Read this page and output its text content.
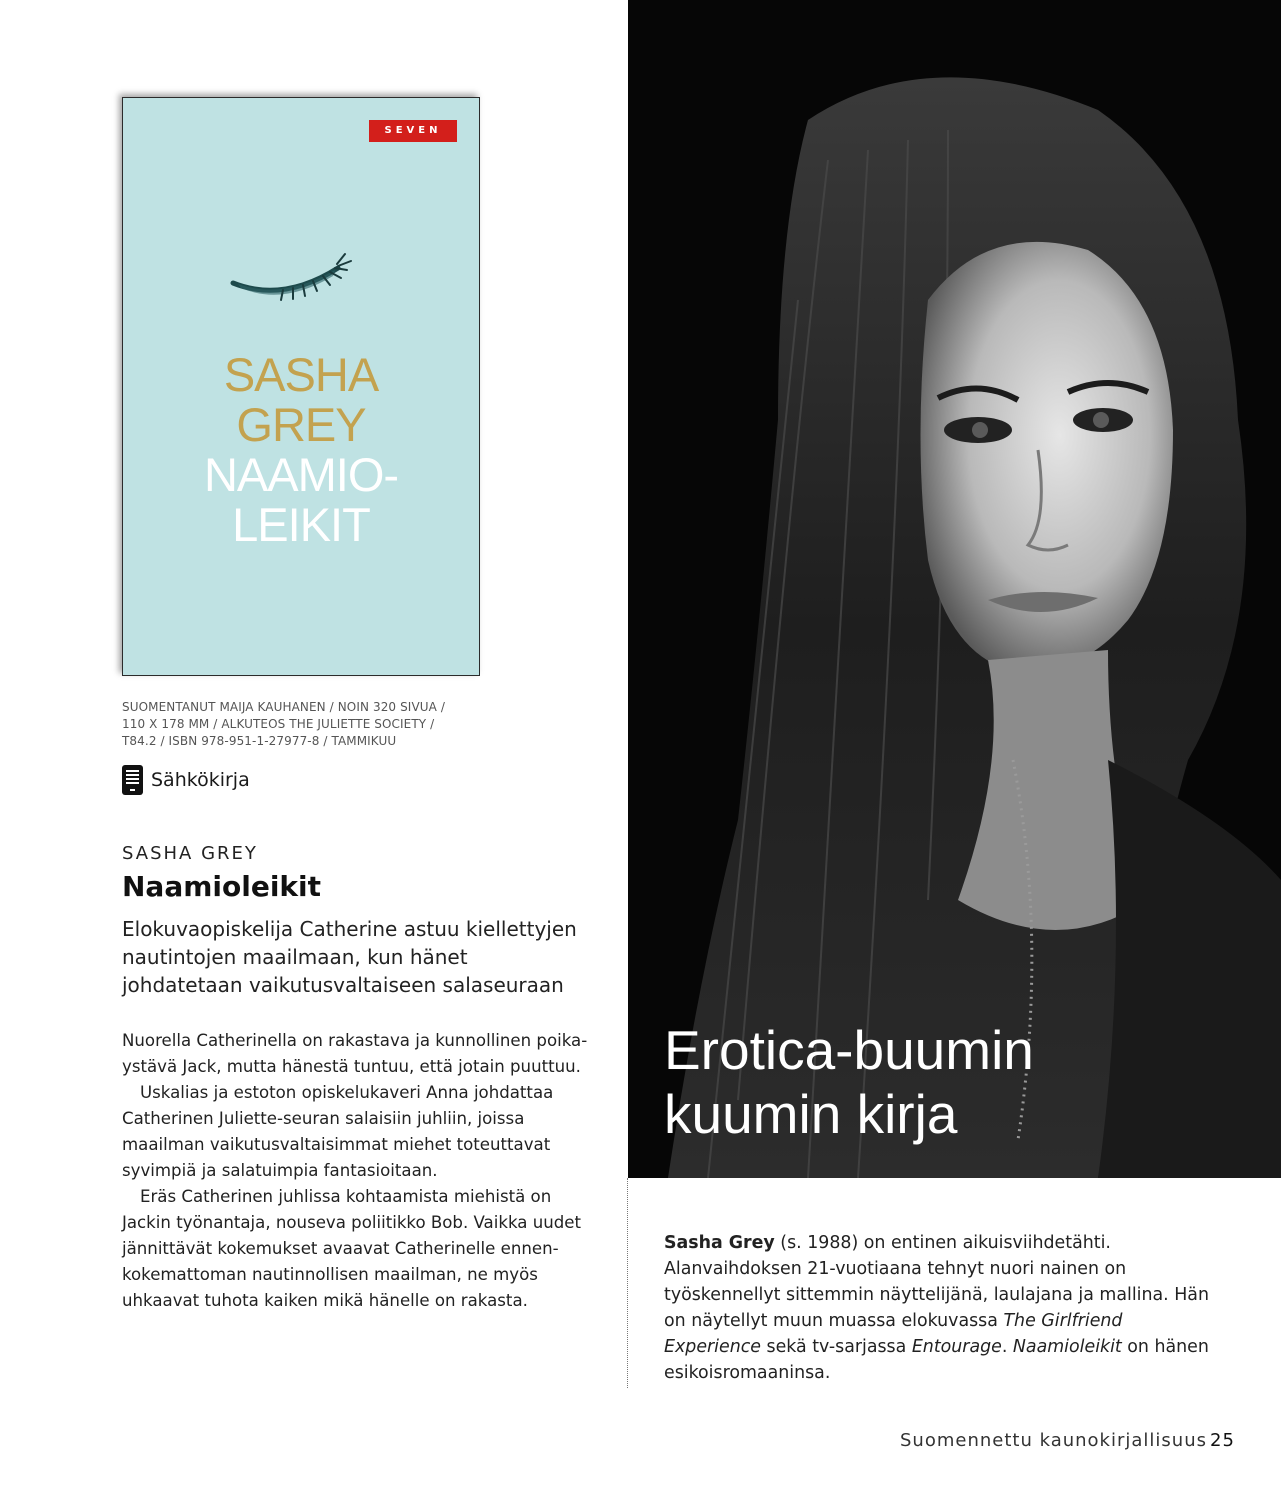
SEVEN
SASHA
GREY
NAAMIO-
LEIKIT
SUOMENTANUT MAIJA KAUHANEN / NOIN 320 SIVUA /
110 X 178 MM / ALKUTEOS THE JULIETTE SOCIETY /
T84.2 / ISBN 978-951-1-27977-8 / TAMMIKUU
Sähkökirja
SASHA GREY
Naamioleikit
Elokuvaopiskelija Catherine astuu kiellettyjen nautintojen maailmaan, kun hänet johdatetaan vaikutusvaltaiseen salaseuraan

Nuorella Catherinella on rakastava ja kunnollinen poika-ystävä Jack, mutta hänestä tuntuu, että jotain puuttuu.

Uskalias ja estoton opiskelukaveri Anna johdattaa Catherinen Juliette-seuran salaisiin juhliin, joissa maailman vaikutusvaltaisimmat miehet toteuttavat syvimpiä ja salatuimpia fantasioitaan.

Eräs Catherinen juhlissa kohtaamista miehistä on Jackin työnantaja, nouseva poliitikko Bob. Vaikka uudet jännittävät kokemukset avaavat Catherinelle ennen-kokemattoman nautinnollisen maailman, ne myös uhkaavat tuhota kaiken mikä hänelle on rakasta.

Erotica-buumin
kuumin kirja
Sasha Grey (s. 1988) on entinen aikuisviihdetähti. Alanvaihdoksen 21-vuotiaana tehnyt nuori nainen on työskennellyt sittemmin näyttelijänä, laulajana ja mallina. Hän on näytellyt muun muassa elokuvassa The Girlfriend Experience sekä tv-sarjassa Entourage. Naamioleikit on hänen esikoisromaaninsa.
Suomennettu kaunokirjallisuus 25
